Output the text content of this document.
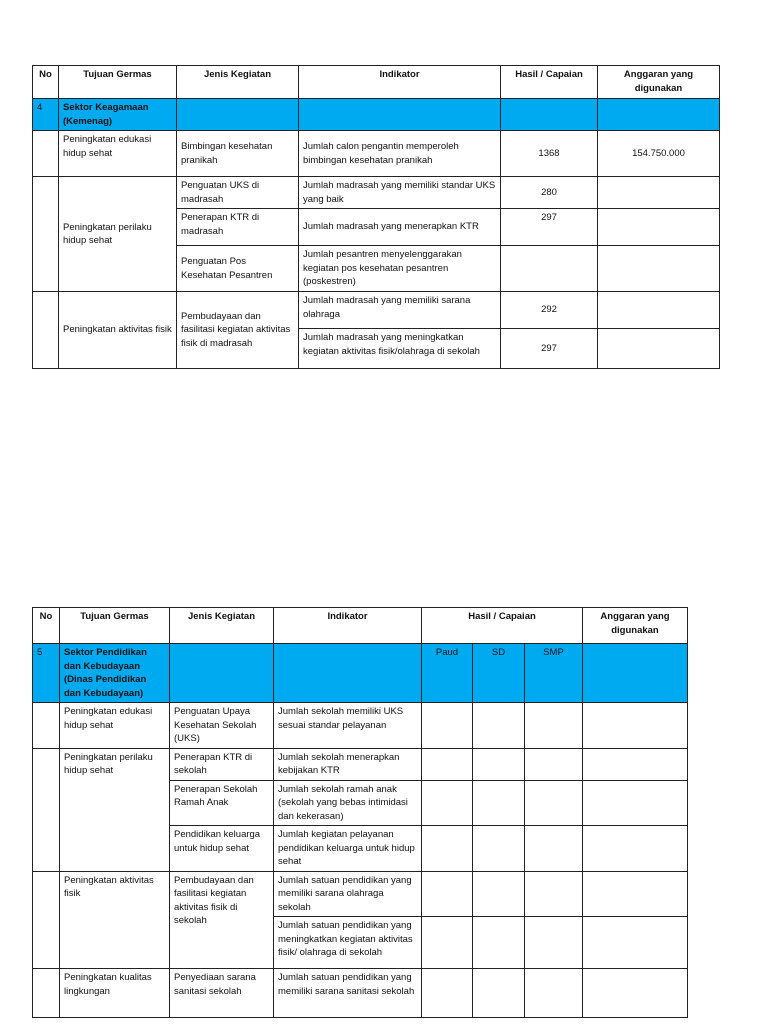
No	Tujuan Germas	Jenis Kegiatan	Indikator	Hasil / Capaian	Anggaran yang digunakan
4	Sektor Keagamaan (Kemenag)				
	Peningkatan edukasi hidup sehat	Bimbingan kesehatan pranikah	Jumlah calon pengantin memperoleh bimbingan kesehatan pranikah	1368	154.750.000
	Peningkatan perilaku hidup sehat	Penguatan UKS di madrasah	Jumlah madrasah yang memiliki standar UKS yang baik	280	
		Penerapan KTR di madrasah	Jumlah madrasah yang menerapkan KTR	297	
		Penguatan Pos Kesehatan Pesantren	Jumlah pesantren menyelenggarakan kegiatan pos kesehatan pesantren (poskestren)		
	Peningkatan aktivitas fisik	Pembudayaan dan fasilitasi kegiatan aktivitas fisik di madrasah	Jumlah madrasah yang memiliki sarana olahraga	292	
			Jumlah madrasah yang meningkatkan kegiatan aktivitas fisik/olahraga di sekolah	297	
No	Tujuan Germas	Jenis Kegiatan	Indikator	Hasil / Capaian			Anggaran yang digunakan
5	Sektor Pendidikan dan Kebudayaan (Dinas Pendidikan dan Kebudayaan)			Paud	SD	SMP	
	Peningkatan edukasi hidup sehat	Penguatan Upaya Kesehatan Sekolah (UKS)	Jumlah sekolah memiliki UKS sesuai standar pelayanan				
	Peningkatan perilaku hidup sehat	Penerapan KTR di sekolah	Jumlah sekolah menerapkan kebijakan KTR				
		Penerapan Sekolah Ramah Anak	Jumlah sekolah ramah anak (sekolah yang bebas intimidasi dan kekerasan)				
		Pendidikan keluarga untuk hidup sehat	Jumlah kegiatan pelayanan pendidikan keluarga untuk hidup sehat				
	Peningkatan aktivitas fisik	Pembudayaan dan fasilitasi kegiatan aktivitas fisik di sekolah	Jumlah satuan pendidikan yang memiliki sarana olahraga sekolah				
			Jumlah satuan pendidikan yang meningkatkan kegiatan aktivitas fisik/ olahraga di sekolah				
	Peningkatan kualitas lingkungan	Penyediaan sarana sanitasi sekolah	Jumlah satuan pendidikan yang memiliki sarana sanitasi sekolah				
